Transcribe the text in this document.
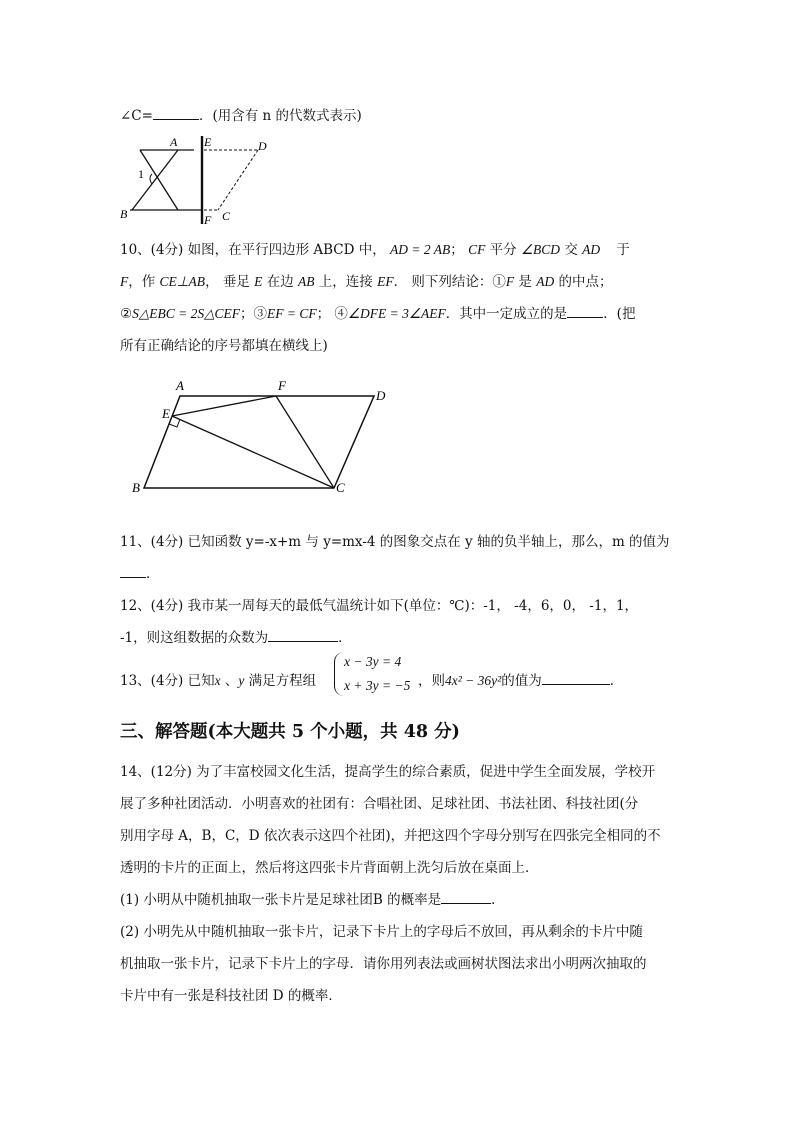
∠C=	．(用含有 n 的代数式表示)
A E	D
1
B	F C
10、(4分) 如图，在平行四边形 ABCD 中， AD = 2 AB； CF 平分 ∠BCD 交 AD 于
F，作 CE⊥AB， 垂足 E 在边 AB 上，连接 EF． 则下列结论：①F 是 AD 的中点；
②S△EBC = 2S△CEF；③EF = CF； ④∠DFE = 3∠AEF．其中一定成立的是	．(把
所有正确结论的序号都填在横线上)
A	F
D
E
B	C
11、(4分) 已知函数 y=-x+m 与 y=mx-4 的图象交点在 y 轴的负半轴上，那么，m 的值为
．
12、(4分) 我市某一周每天的最低气温统计如下(单位：℃)：-1， -4，6，0， -1，1，
-1，则这组数据的众数为	．
13、(4分) 已知x 、y 满足方程组
x − 3y = 4
x + 3y = −5 ，则4x² − 36y²的值为	．
三、解答题(本大题共 5 个小题，共 48 分)
14、(12分) 为了丰富校园文化生活，提高学生的综合素质，促进中学生全面发展，学校开
展了多种社团活动．小明喜欢的社团有：合唱社团、足球社团、书法社团、科技社团(分
别用字母 A，B，C，D 依次表示这四个社团)，并把这四个字母分别写在四张完全相同的不
透明的卡片的正面上，然后将这四张卡片背面朝上洗匀后放在桌面上．
(1) 小明从中随机抽取一张卡片是足球社团B 的概率是	．
(2) 小明先从中随机抽取一张卡片，记录下卡片上的字母后不放回，再从剩余的卡片中随
机抽取一张卡片，记录下卡片上的字母．请你用列表法或画树状图法求出小明两次抽取的
卡片中有一张是科技社团 D 的概率．
